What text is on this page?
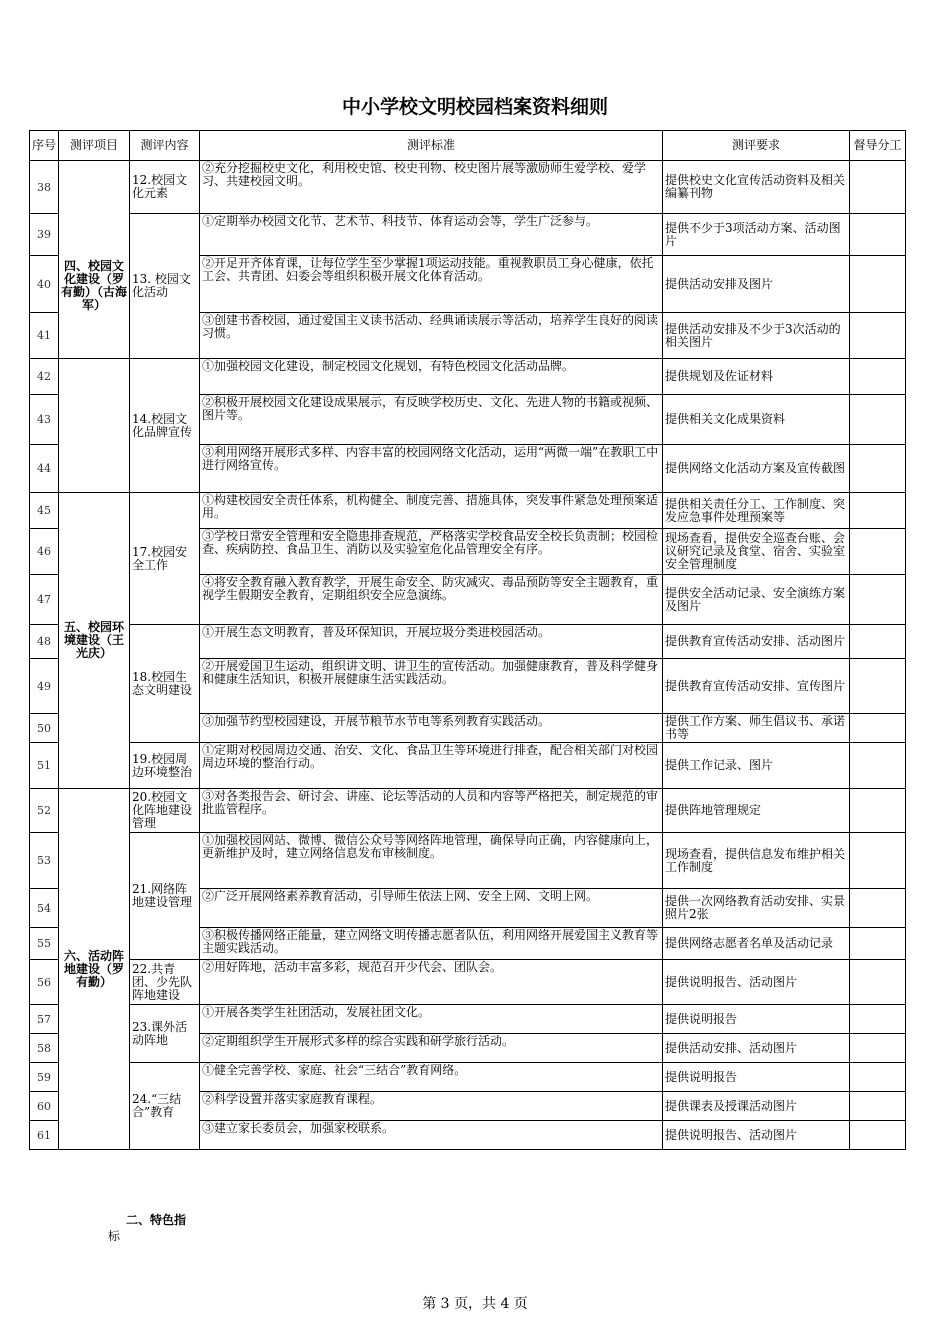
中小学校文明校园档案资料细则
序号	测评项目	测评内容	测评标准	测评要求	督导分工
38		12.校园文化元素	②充分挖掘校史文化，利用校史馆、校史刊物、校史图片展等激励师生爱学校、爱学习、共建校园文明。	提供校史文化宣传活动资料及相关编纂刊物	
39	四、校园文化建设（罗有勤）（古海军）	13. 校园文化活动	①定期举办校园文化节、艺术节、科技节、体育运动会等，学生广泛参与。	提供不少于3项活动方案、活动图片	
40			②开足开齐体育课，让每位学生至少掌握1项运动技能。重视教职员工身心健康，依托工会、共青团、妇委会等组织积极开展文化体育活动。	提供活动安排及图片	
41			③创建书香校园，通过爱国主义读书活动、经典诵读展示等活动，培养学生良好的阅读习惯。	提供活动安排及不少于3次活动的相关图片	
42		14.校园文化品牌宣传	①加强校园文化建设，制定校园文化规划，有特色校园文化活动品牌。	提供规划及佐证材料	
43			②积极开展校园文化建设成果展示，有反映学校历史、文化、先进人物的书籍或视频、图片等。	提供相关文化成果资料	
44			③利用网络开展形式多样、内容丰富的校园网络文化活动，运用“两微一端”在教职工中进行网络宣传。	提供网络文化活动方案及宣传截图	
45	五、校园环境建设（王光庆）	17.校园安全工作	①构建校园安全责任体系，机构健全、制度完善、措施具体，突发事件紧急处理预案适用。	提供相关责任分工、工作制度、突发应急事件处理预案等	
46			③学校日常安全管理和安全隐患排查规范，严格落实学校食品安全校长负责制；校园检查、疾病防控、食品卫生、消防以及实验室危化品管理安全有序。	现场查看，提供安全巡查台账、会议研究记录及食堂、宿舍、实验室安全管理制度	
47			④将安全教育融入教育教学，开展生命安全、防灾减灾、毒品预防等安全主题教育，重视学生假期安全教育，定期组织安全应急演练。	提供安全活动记录、安全演练方案及图片	
48		18.校园生态文明建设	①开展生态文明教育，普及环保知识，开展垃圾分类进校园活动。	提供教育宣传活动安排、活动图片	
49			②开展爱国卫生运动，组织讲文明、讲卫生的宣传活动。加强健康教育，普及科学健身和健康生活知识，积极开展健康生活实践活动。	提供教育宣传活动安排、宣传图片	
50			③加强节约型校园建设，开展节粮节水节电等系列教育实践活动。	提供工作方案、师生倡议书、承诺书等	
51		19.校园周边环境整治	①定期对校园周边交通、治安、文化、食品卫生等环境进行排查，配合相关部门对校园周边环境的整治行动。	提供工作记录、图片	
52	六、活动阵地建设（罗有勤）	20.校园文化阵地建设管理	③对各类报告会、研讨会、讲座、论坛等活动的人员和内容等严格把关，制定规范的审批监管程序。	提供阵地管理规定	
53		21.网络阵地建设管理	①加强校园网站、微博、微信公众号等网络阵地管理，确保导向正确，内容健康向上，更新维护及时，建立网络信息发布审核制度。	现场查看，提供信息发布维护相关工作制度	
54			②广泛开展网络素养教育活动，引导师生依法上网、安全上网、文明上网。	提供一次网络教育活动安排、实景照片2张	
55			③积极传播网络正能量，建立网络文明传播志愿者队伍，利用网络开展爱国主义教育等主题实践活动。	提供网络志愿者名单及活动记录	
56		22.共青团、少先队阵地建设	②用好阵地，活动丰富多彩，规范召开少代会、团队会。	提供说明报告、活动图片	
57		23.课外活动阵地	①开展各类学生社团活动，发展社团文化。	提供说明报告	
58			②定期组织学生开展形式多样的综合实践和研学旅行活动。	提供活动安排、活动图片	
59		24.“三结合”教育	①健全完善学校、家庭、社会“三结合”教育网络。	提供说明报告	
60			②科学设置并落实家庭教育课程。	提供课表及授课活动图片	
61			③建立家长委员会，加强家校联系。	提供说明报告、活动图片	
二、特色指
标
第 3 页，共 4 页
